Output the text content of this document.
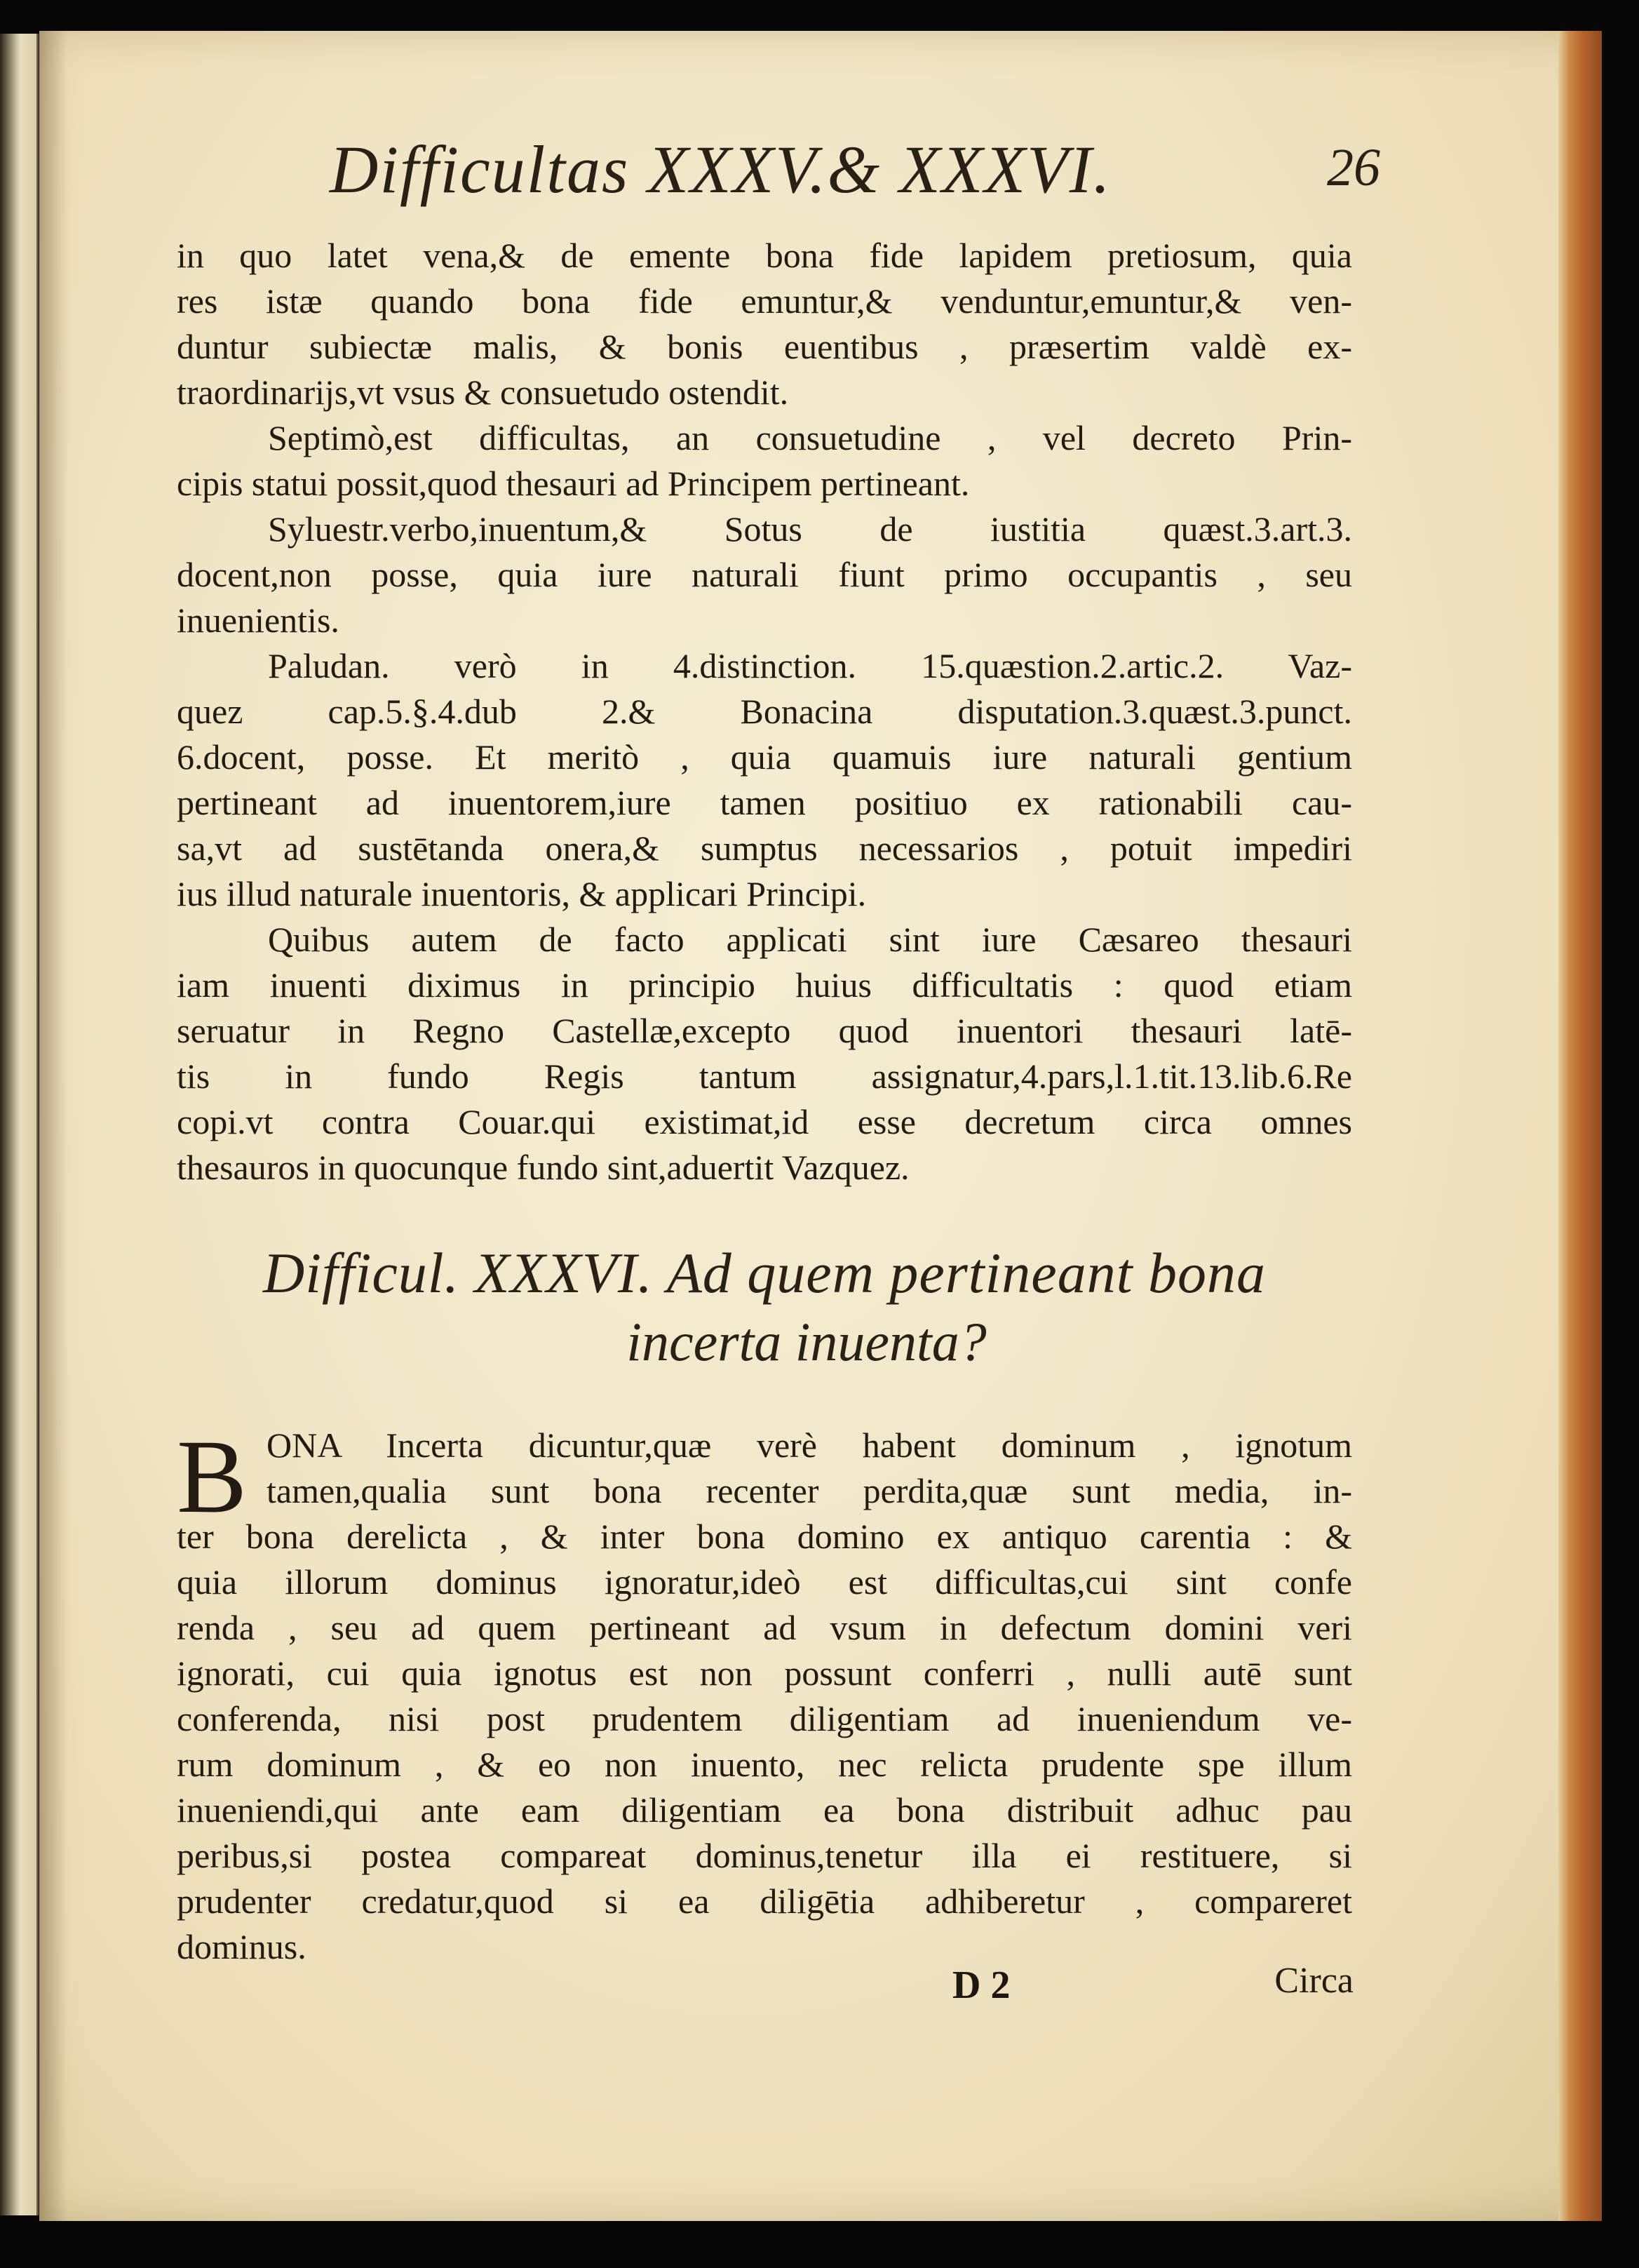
Difficultas XXXV.& XXXVI.	26
in quo latet vena,& de emente bona fide lapidem pretiosum, quia
res istæ quando bona fide emuntur,& venduntur,emuntur,& ven-
duntur subiectæ malis, & bonis euentibus , præsertim valdè ex-
traordinarijs,vt vsus & consuetudo ostendit.
Septimò,est difficultas, an consuetudine , vel decreto Prin-
cipis statui possit,quod thesauri ad Principem pertineant.
Syluestr.verbo,inuentum,& Sotus de iustitia quæst.3.art.3.
docent,non posse, quia iure naturali fiunt primo occupantis , seu
inuenientis.
Paludan. verò in 4.distinction. 15.quæstion.2.artic.2. Vaz-
quez cap.5.§.4.dub 2.& Bonacina disputation.3.quæst.3.punct.
6.docent, posse. Et meritò , quia quamuis iure naturali gentium
pertineant ad inuentorem,iure tamen positiuo ex rationabili cau-
sa,vt ad sustētanda onera,& sumptus necessarios , potuit impediri
ius illud naturale inuentoris, & applicari Principi.
Quibus autem de facto applicati sint iure Cæsareo thesauri
iam inuenti diximus in principio huius difficultatis : quod etiam
seruatur in Regno Castellæ,excepto quod inuentori thesauri latē-
tis in fundo Regis tantum assignatur,4.pars,l.1.tit.13.lib.6.Re
copi.vt contra Couar.qui existimat,id esse decretum circa omnes
thesauros in quocunque fundo sint,aduertit Vazquez.
Difficul. XXXVI. Ad quem pertineant bona
incerta inuenta?
B ONA Incerta dicuntur,quæ verè habent dominum , ignotum
tamen,qualia sunt bona recenter perdita,quæ sunt media, in-
ter bona derelicta , & inter bona domino ex antiquo carentia : &
quia illorum dominus ignoratur,ideò est difficultas,cui sint confe
renda , seu ad quem pertineant ad vsum in defectum domini veri
ignorati, cui quia ignotus est non possunt conferri , nulli autē sunt
conferenda, nisi post prudentem diligentiam ad inueniendum ve-
rum dominum , & eo non inuento, nec relicta prudente spe illum
inueniendi,qui ante eam diligentiam ea bona distribuit adhuc pau
peribus,si postea compareat dominus,tenetur illa ei restituere, si
prudenter credatur,quod si ea diligētia adhiberetur , compareret
dominus.
D 2	Circa
